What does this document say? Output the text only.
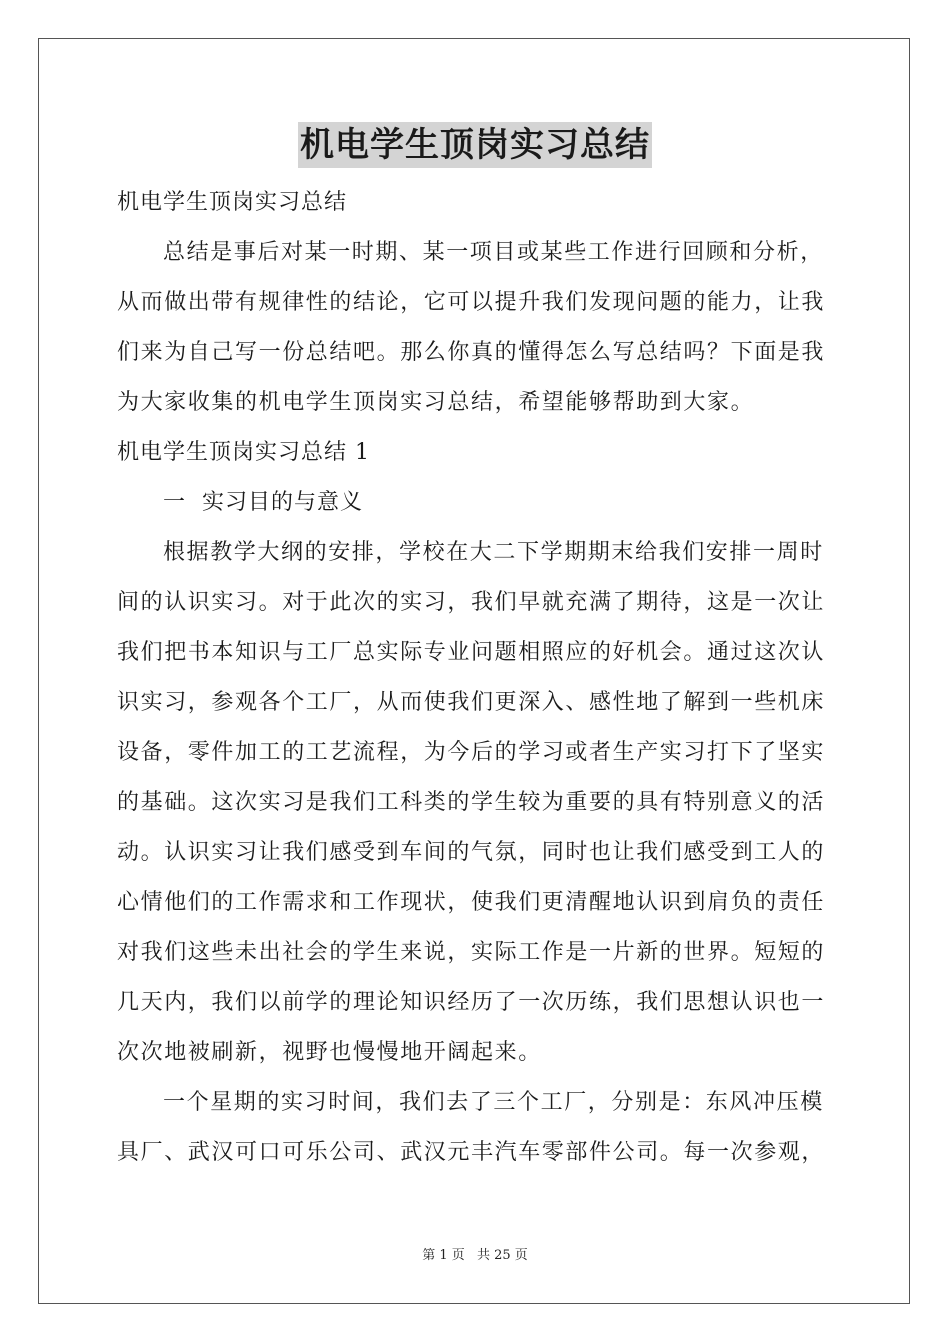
机电学生顶岗实习总结
机电学生顶岗实习总结
总结是事后对某一时期、某一项目或某些工作进行回顾和分析，
从而做出带有规律性的结论，它可以提升我们发现问题的能力，让我
们来为自己写一份总结吧。那么你真的懂得怎么写总结吗？下面是我
为大家收集的机电学生顶岗实习总结，希望能够帮助到大家。
机电学生顶岗实习总结 1
一  实习目的与意义
根据教学大纲的安排，学校在大二下学期期末给我们安排一周时
间的认识实习。对于此次的实习，我们早就充满了期待，这是一次让
我们把书本知识与工厂总实际专业问题相照应的好机会。通过这次认
识实习，参观各个工厂，从而使我们更深入、感性地了解到一些机床
设备，零件加工的工艺流程，为今后的学习或者生产实习打下了坚实
的基础。这次实习是我们工科类的学生较为重要的具有特别意义的活
动。认识实习让我们感受到车间的气氛，同时也让我们感受到工人的
心情他们的工作需求和工作现状，使我们更清醒地认识到肩负的责任
对我们这些未出社会的学生来说，实际工作是一片新的世界。短短的
几天内，我们以前学的理论知识经历了一次历练，我们思想认识也一
次次地被刷新，视野也慢慢地开阔起来。
一个星期的实习时间，我们去了三个工厂，分别是：东风冲压模
具厂、武汉可口可乐公司、武汉元丰汽车零部件公司。每一次参观，
第 1 页 共 25 页
